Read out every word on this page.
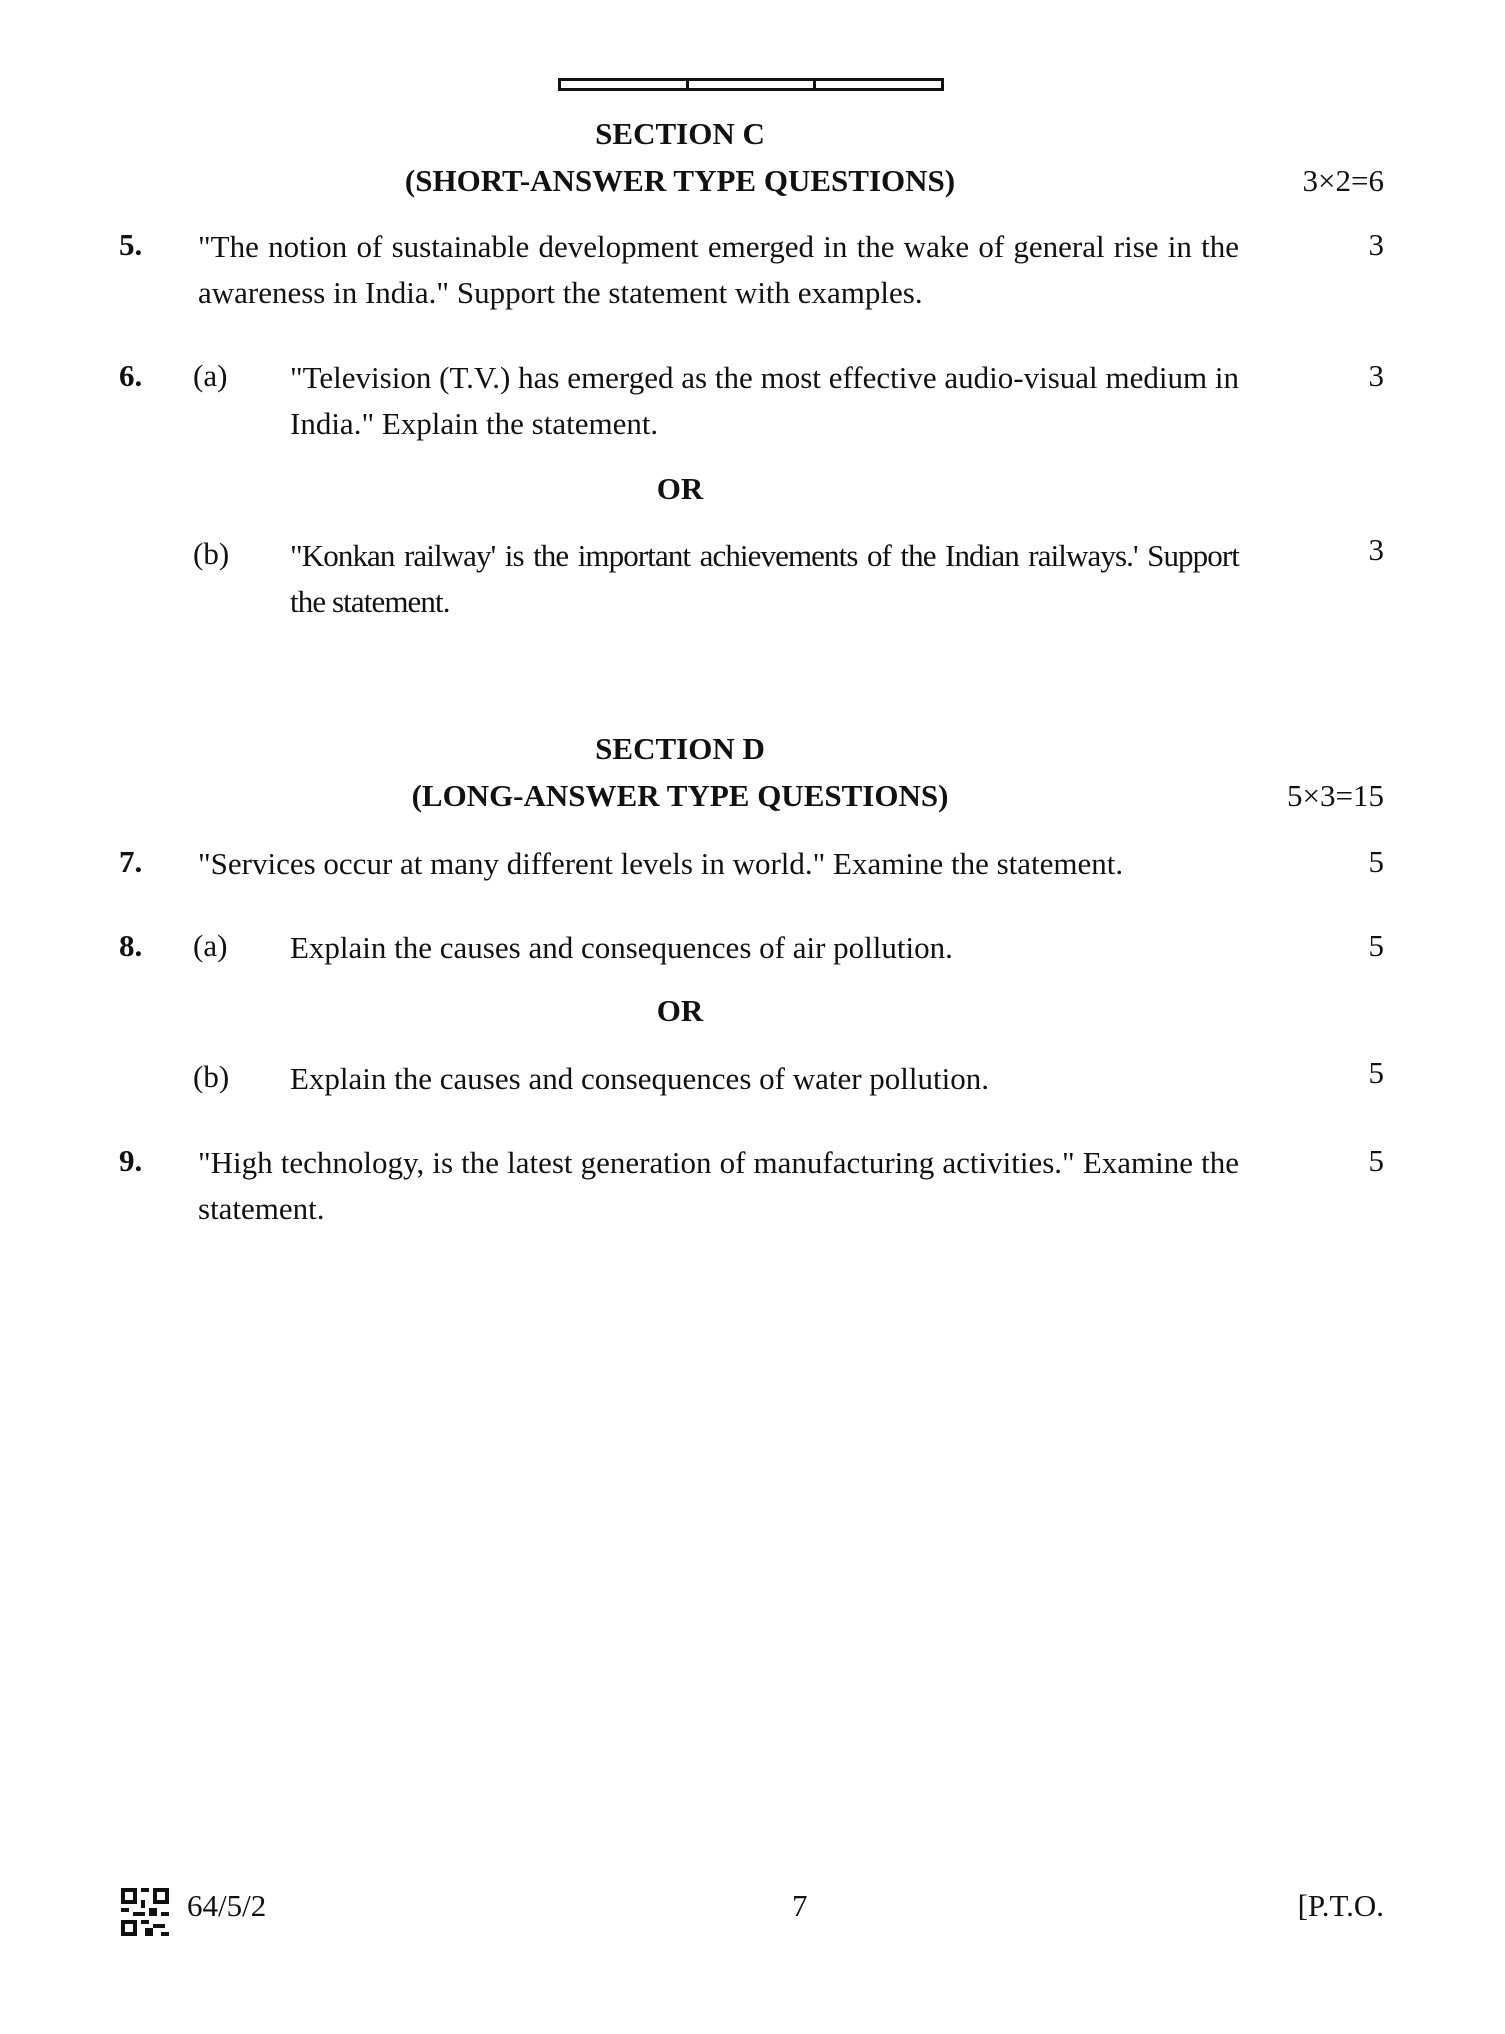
SECTION C
(SHORT-ANSWER TYPE QUESTIONS)	3×2=6
5. "The notion of sustainable development emerged in the wake of general rise in the awareness in India." Support the statement with examples.
3
6. (a) "Television (T.V.) has emerged as the most effective audio-visual medium in India." Explain the statement.
3
OR
(b) "Konkan railway' is the important achievements of the Indian railways.' Support the statement.
3
SECTION D
(LONG-ANSWER TYPE QUESTIONS)	5×3=15
7. "Services occur at many different levels in world." Examine the statement.	5
8. (a) Explain the causes and consequences of air pollution.	5
OR
(b) Explain the causes and consequences of water pollution.	5
9. "High technology, is the latest generation of manufacturing activities." Examine the statement.
5
64/5/2	7	[P.T.O.
